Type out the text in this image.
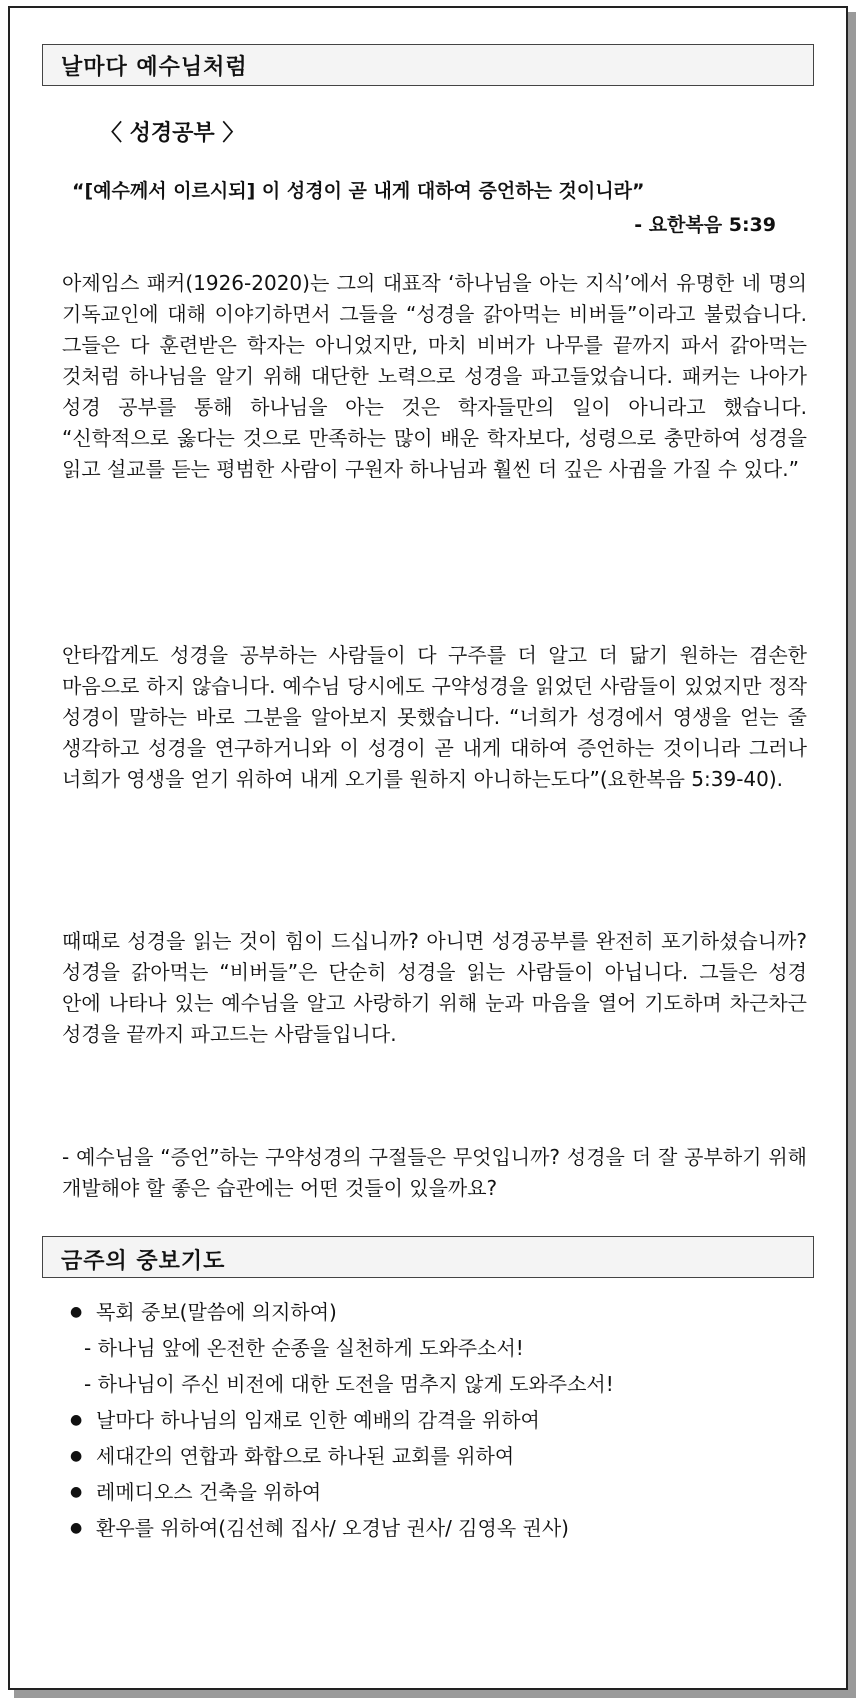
날마다 예수님처럼
〈 성경공부 〉
“[예수께서 이르시되] 이 성경이 곧 내게 대하여 증언하는 것이니라”
- 요한복음 5:39
아제임스 패커(1926-2020)는 그의 대표작 ‘하나님을 아는 지식’에서 유명한 네 명의 기독교인에 대해 이야기하면서 그들을 “성경을 갉아먹는 비버들”이라고 불렀습니다. 그들은 다 훈련받은 학자는 아니었지만, 마치 비버가 나무를 끝까지 파서 갉아먹는 것처럼 하나님을 알기 위해 대단한 노력으로 성경을 파고들었습니다. 패커는 나아가 성경 공부를 통해 하나님을 아는 것은 학자들만의 일이 아니라고 했습니다. “신학적으로 옳다는 것으로 만족하는 많이 배운 학자보다, 성령으로 충만하여 성경을 읽고 설교를 듣는 평범한 사람이 구원자 하나님과 훨씬 더 깊은 사귐을 가질 수 있다.”
안타깝게도 성경을 공부하는 사람들이 다 구주를 더 알고 더 닮기 원하는 겸손한 마음으로 하지 않습니다. 예수님 당시에도 구약성경을 읽었던 사람들이 있었지만 정작 성경이 말하는 바로 그분을 알아보지 못했습니다. “너희가 성경에서 영생을 얻는 줄 생각하고 성경을 연구하거니와 이 성경이 곧 내게 대하여 증언하는 것이니라 그러나 너희가 영생을 얻기 위하여 내게 오기를 원하지 아니하는도다”(요한복음 5:39-40).
때때로 성경을 읽는 것이 힘이 드십니까? 아니면 성경공부를 완전히 포기하셨습니까? 성경을 갉아먹는 “비버들”은 단순히 성경을 읽는 사람들이 아닙니다. 그들은 성경 안에 나타나 있는 예수님을 알고 사랑하기 위해 눈과 마음을 열어 기도하며 차근차근 성경을 끝까지 파고드는 사람들입니다.
- 예수님을 “증언”하는 구약성경의 구절들은 무엇입니까? 성경을 더 잘 공부하기 위해 개발해야 할 좋은 습관에는 어떤 것들이 있을까요?
금주의 중보기도
● 목회 중보(말씀에 의지하여)
- 하나님 앞에 온전한 순종을 실천하게 도와주소서!
- 하나님이 주신 비전에 대한 도전을 멈추지 않게 도와주소서!
● 날마다 하나님의 임재로 인한 예배의 감격을 위하여
● 세대간의 연합과 화합으로 하나된 교회를 위하여
● 레메디오스 건축을 위하여
● 환우를 위하여(김선혜 집사/ 오경남 권사/ 김영옥 권사)
